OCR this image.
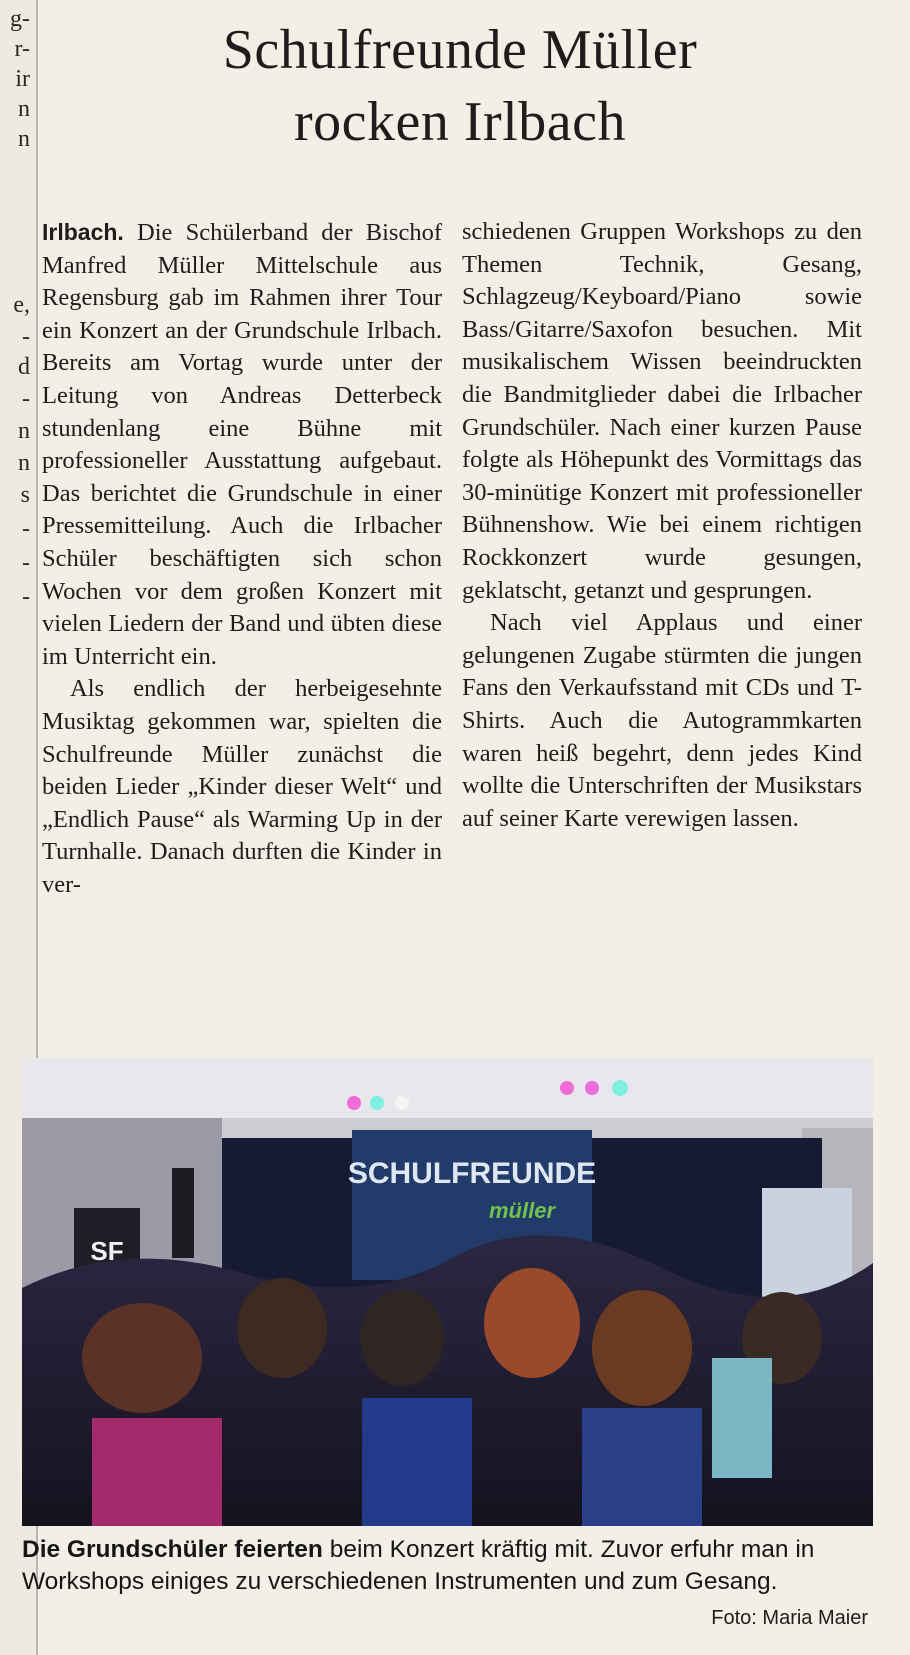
g-
r-
ir
n
n
e,
-
d
-
n
n
s
-
-
-
Schulfreunde Müller
rocken Irlbach

Irlbach. Die Schülerband der Bischof Manfred Müller Mittelschule aus Regensburg gab im Rahmen ihrer Tour ein Konzert an der Grundschule Irlbach. Bereits am Vortag wurde unter der Leitung von Andreas Detterbeck stundenlang eine Bühne mit professioneller Ausstattung aufgebaut. Das berichtet die Grundschule in einer Pressemitteilung. Auch die Irlbacher Schüler beschäftigten sich schon Wochen vor dem großen Konzert mit vielen Liedern der Band und übten diese im Unterricht ein.

Als endlich der herbeigesehnte Musiktag gekommen war, spielten die Schulfreunde Müller zunächst die beiden Lieder „Kinder dieser Welt“ und „Endlich Pause“ als Warming Up in der Turnhalle. Danach durften die Kinder in ver-

schiedenen Gruppen Workshops zu den Themen Technik, Gesang, Schlagzeug/Keyboard/Piano sowie Bass/Gitarre/Saxofon besuchen. Mit musikalischem Wissen beeindruckten die Bandmitglieder dabei die Irlbacher Grundschüler. Nach einer kurzen Pause folgte als Höhepunkt des Vormittags das 30-minütige Konzert mit professioneller Bühnenshow. Wie bei einem richtigen Rockkonzert wurde gesungen, geklatscht, getanzt und gesprungen.

Nach viel Applaus und einer gelungenen Zugabe stürmten die jungen Fans den Verkaufsstand mit CDs und T-Shirts. Auch die Autogrammkarten waren heiß begehrt, denn jedes Kind wollte die Unterschriften der Musikstars auf seiner Karte verewigen lassen.

SF
SCHULFREUNDE
müller
Die Grundschüler feierten beim Konzert kräftig mit. Zuvor erfuhr man in Workshops einiges zu verschiedenen Instrumenten und zum Gesang.
Foto: Maria Maier
